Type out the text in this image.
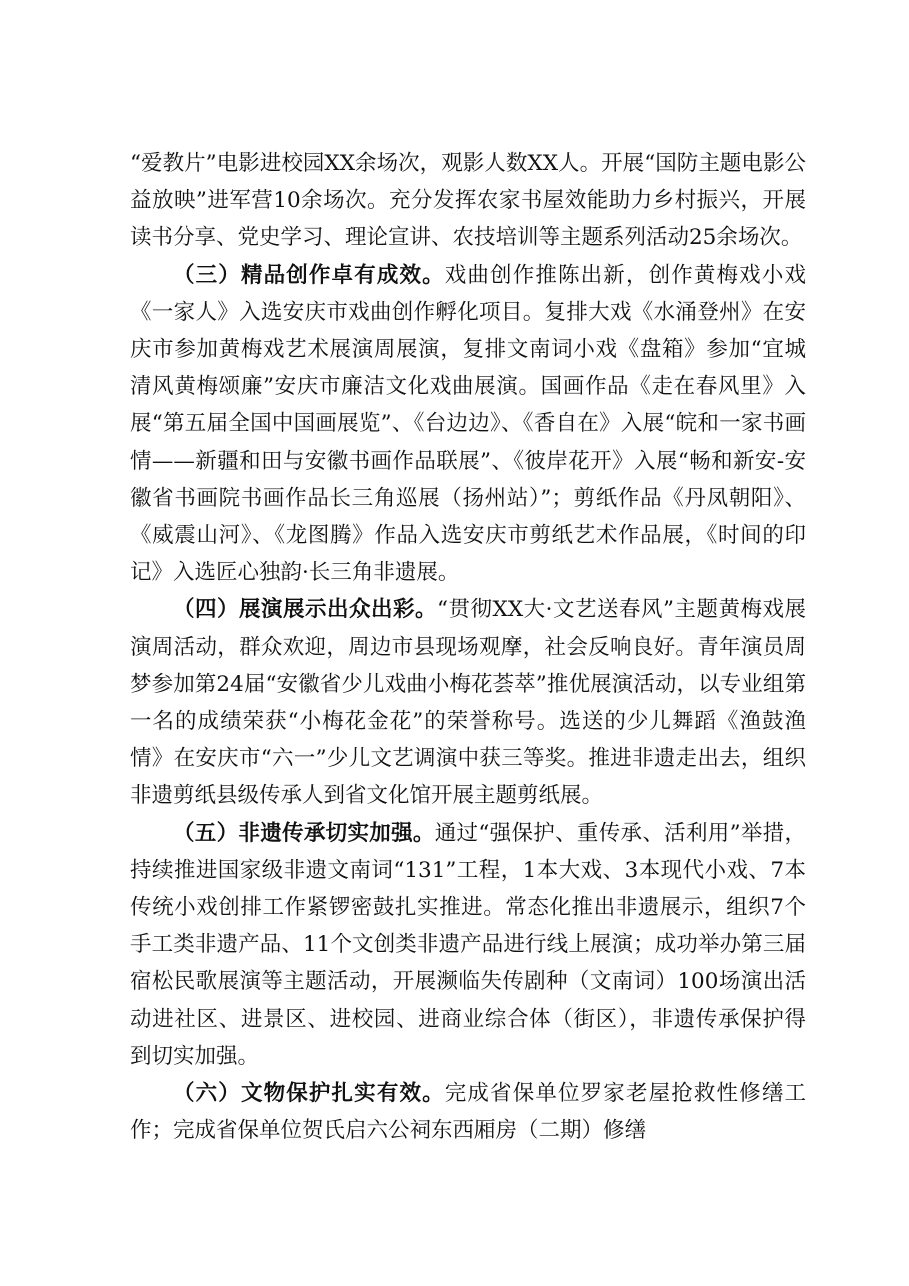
“爱教片”电影进校园XX余场次，观影人数XX人。开展“国防主题电影公益放映”进军营10余场次。充分发挥农家书屋效能助力乡村振兴，开展读书分享、党史学习、理论宣讲、农技培训等主题系列活动25余场次。

（三）精品创作卓有成效。戏曲创作推陈出新，创作黄梅戏小戏《一家人》入选安庆市戏曲创作孵化项目。复排大戏《水涌登州》在安庆市参加黄梅戏艺术展演周展演，复排文南词小戏《盘箱》参加“宜城清风黄梅颂廉”安庆市廉洁文化戏曲展演。国画作品《走在春风里》入展“第五届全国中国画展览”、《台边边》、《香自在》入展“皖和一家书画情——新疆和田与安徽书画作品联展”、《彼岸花开》入展“畅和新安-安徽省书画院书画作品长三角巡展（扬州站）”；剪纸作品《丹凤朝阳》、《威震山河》、《龙图腾》作品入选安庆市剪纸艺术作品展，《时间的印记》入选匠心独韵·长三角非遗展。

（四）展演展示出众出彩。“贯彻XX大·文艺送春风”主题黄梅戏展演周活动，群众欢迎，周边市县现场观摩，社会反响良好。青年演员周梦参加第24届“安徽省少儿戏曲小梅花荟萃”推优展演活动，以专业组第一名的成绩荣获“小梅花金花”的荣誉称号。选送的少儿舞蹈《渔鼓渔情》在安庆市“六一”少儿文艺调演中获三等奖。推进非遗走出去，组织非遗剪纸县级传承人到省文化馆开展主题剪纸展。

（五）非遗传承切实加强。通过“强保护、重传承、活利用”举措，持续推进国家级非遗文南词“131”工程，1本大戏、3本现代小戏、7本传统小戏创排工作紧锣密鼓扎实推进。常态化推出非遗展示，组织7个手工类非遗产品、11个文创类非遗产品进行线上展演；成功举办第三届宿松民歌展演等主题活动，开展濒临失传剧种（文南词）100场演出活动进社区、进景区、进校园、进商业综合体（街区），非遗传承保护得到切实加强。

（六）文物保护扎实有效。完成省保单位罗家老屋抢救性修缮工作；完成省保单位贺氏启六公祠东西厢房（二期）修缮
